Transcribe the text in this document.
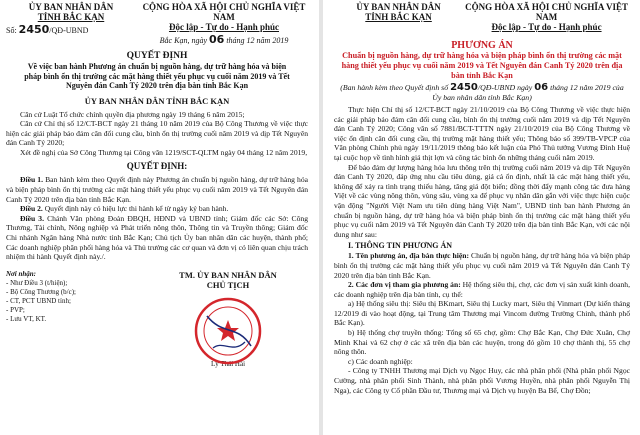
ỦY BAN NHÂN DÂN
TỈNH BẮC KẠN
Số: 2450/QĐ-UBND
CỘNG HÒA XÃ HỘI CHỦ NGHĨA VIỆT NAM
Độc lập - Tự do - Hạnh phúc
Bắc Kạn, ngày 06 tháng 12 năm 2019
QUYẾT ĐỊNH
Về việc ban hành Phương án chuẩn bị nguồn hàng, dự trữ hàng hóa và biện pháp bình ổn thị trường các mặt hàng thiết yếu phục vụ cuối năm 2019 và Tết Nguyên đán Canh Tý 2020 trên địa bàn tỉnh Bắc Kạn
ỦY BAN NHÂN DÂN TỈNH BẮC KẠN

Căn cứ Luật Tổ chức chính quyền địa phương ngày 19 tháng 6 năm 2015;

Căn cứ Chỉ thị số 12/CT-BCT ngày 21 tháng 10 năm 2019 của Bộ Công Thương về việc thực hiện các giải pháp bảo đảm cân đối cung cầu, bình ổn thị trường cuối năm 2019 và dịp Tết Nguyên đán Canh Tý 2020;

Xét đề nghị của Sở Công Thương tại Công văn 1219/SCT-QLTM ngày 04 tháng 12 năm 2019,

QUYẾT ĐỊNH:

Điều 1. Ban hành kèm theo Quyết định này Phương án chuẩn bị nguồn hàng, dự trữ hàng hóa và biện pháp bình ổn thị trường các mặt hàng thiết yếu phục vụ cuối năm 2019 và Tết Nguyên đán Canh Tý 2020 trên địa bàn tỉnh Bắc Kạn.

Điều 2. Quyết định này có hiệu lực thi hành kể từ ngày ký ban hành.

Điều 3. Chánh Văn phòng Đoàn ĐBQH, HĐND và UBND tỉnh; Giám đốc các Sở: Công Thương, Tài chính, Nông nghiệp và Phát triển nông thôn, Thông tin và Truyền thông; Giám đốc Chi nhánh Ngân hàng Nhà nước tỉnh Bắc Kạn; Chủ tịch Ủy ban nhân dân các huyện, thành phố; Các doanh nghiệp phân phối hàng hóa và Thủ trưởng các cơ quan và đơn vị có liên quan chịu trách nhiệm thi hành Quyết định này./.

Nơi nhận:
- Như Điều 3 (t/hiện);
- Bộ Công Thương (b/c);
- CT, PCT UBND tỉnh;
- PVP;
- Lưu VT, KT.
TM. ỦY BAN NHÂN DÂN
CHỦ TỊCH
Lý Thái Hải
ỦY BAN NHÂN DÂN
TỈNH BẮC KẠN
CỘNG HÒA XÃ HỘI CHỦ NGHĨA VIỆT NAM
Độc lập - Tự do - Hạnh phúc
PHƯƠNG ÁN
Chuẩn bị nguồn hàng, dự trữ hàng hóa và biện pháp bình ổn thị trường các mặt hàng thiết yếu phục vụ cuối năm 2019 và Tết Nguyên đán Canh Tý 2020 trên địa bàn tỉnh Bắc Kạn
(Ban hành kèm theo Quyết định số 2450/QĐ-UBND ngày 06 tháng 12 năm 2019 của Ủy ban nhân dân tỉnh Bắc Kạn)

Thực hiện Chỉ thị số 12/CT-BCT ngày 21/10/2019 của Bộ Công Thương về việc thực hiện các giải pháp bảo đảm cân đối cung cầu, bình ổn thị trường cuối năm 2019 và dịp Tết Nguyên đán Canh Tý 2020; Công văn số 7881/BCT-TTTN ngày 21/10/2019 của Bộ Công Thương về việc ổn định cân đối cung cầu, thị trường mặt hàng thiết yếu; Thông báo số 399/TB-VPCP của Văn phòng Chính phủ ngày 19/11/2019 thông báo kết luận của Phó Thủ tướng Vương Đình Huệ tại cuộc họp về tình hình giá thịt lợn và công tác bình ổn những tháng cuối năm 2019.

Để bảo đảm dự lượng hàng hóa lưu thông trên thị trường cuối năm 2019 và dịp Tết Nguyên đán Canh Tý 2020, đáp ứng nhu cầu tiêu dùng, giá cả ổn định, nhất là các mặt hàng thiết yếu, không để xảy ra tình trạng thiếu hàng, tăng giá đột biến; đồng thời đẩy mạnh công tác đưa hàng Việt về các vùng nông thôn, vùng sâu, vùng xa để phục vụ nhân dân gắn với việc thực hiện cuộc vận động "Người Việt Nam ưu tiên dùng hàng Việt Nam", UBND tỉnh ban hành Phương án chuẩn bị nguồn hàng, dự trữ hàng hóa và biện pháp bình ổn thị trường các mặt hàng thiết yếu phục vụ cuối năm 2019 và Tết Nguyên đán Canh Tý 2020 trên địa bàn tỉnh Bắc Kạn, với các nội dung như sau:

I. THÔNG TIN PHƯƠNG ÁN

1. Tên phương án, địa bàn thực hiện: Chuẩn bị nguồn hàng, dự trữ hàng hóa và biện pháp bình ổn thị trường các mặt hàng thiết yếu phục vụ cuối năm 2019 và Tết Nguyên đán Canh Tý 2020 trên địa bàn tỉnh Bắc Kạn.

2. Các đơn vị tham gia phương án: Hệ thống siêu thị, chợ, các đơn vị sản xuất kinh doanh, các doanh nghiệp trên địa bàn tỉnh, cụ thể:

a) Hệ thống siêu thị: Siêu thị BKmart, Siêu thị Lucky mart, Siêu thị Vinmart (Dự kiến tháng 12/2019 đi vào hoạt động, tại Trung tâm Thương mại Vincom đường Trường Chinh, thành phố Bắc Kạn).

b) Hệ thống chợ truyền thống: Tổng số 65 chợ, gồm: Chợ Bắc Kạn, Chợ Đức Xuân, Chợ Minh Khai và 62 chợ ở các xã trên địa bàn các huyện, trong đó gồm 10 chợ thành thị, 55 chợ nông thôn.

c) Các doanh nghiệp:

- Công ty TNHH Thương mại Dịch vụ Ngọc Huy, các nhà phân phối (Nhà phân phối Ngọc Cường, nhà phân phối Sinh Thành, nhà phân phối Vương Huyền, nhà phân phối Nguyễn Thị Nga), các Công ty Cổ phần Đầu tư, Thương mại và Dịch vụ huyện Ba Bể, Chợ Đồn;
